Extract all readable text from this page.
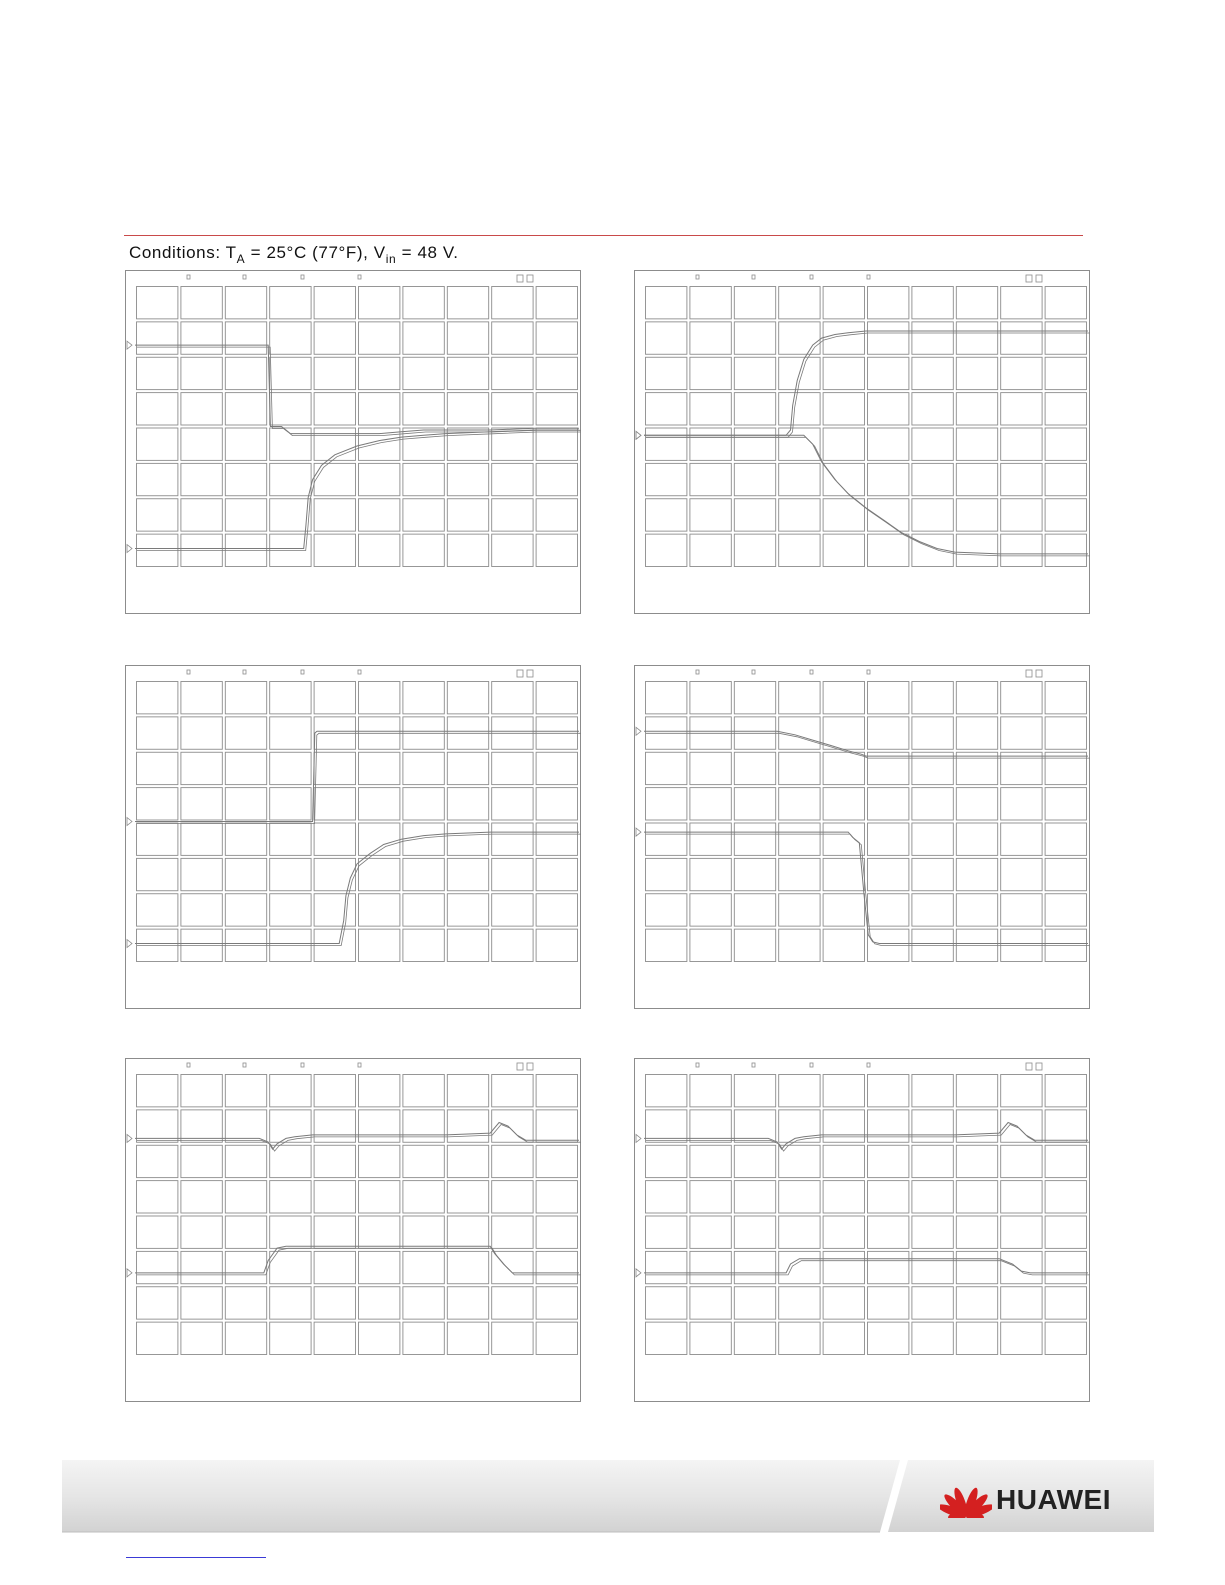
Conditions: $T_A = 25^\circ C$ (77°F), $V_{in} = 48$ V.
HUAWEI
